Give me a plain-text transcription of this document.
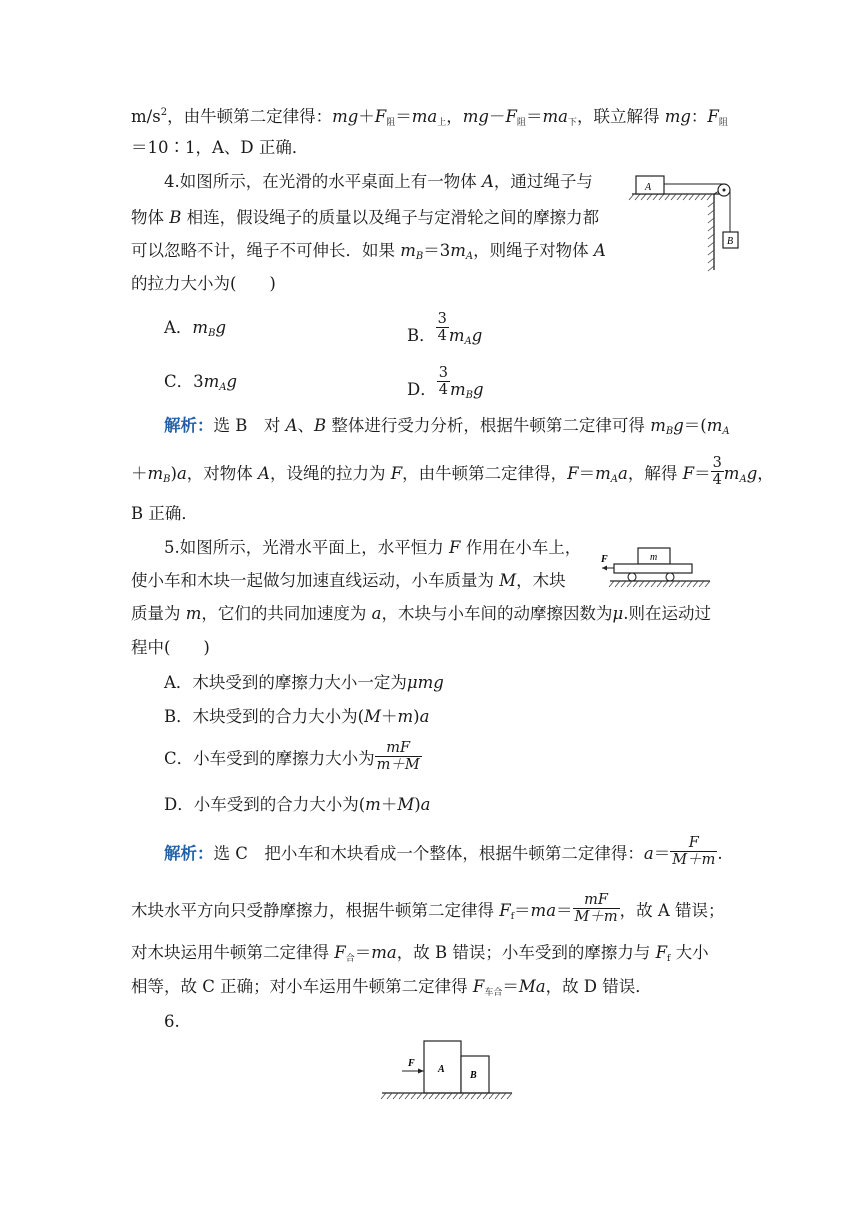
$m/s^2$，由牛顿第二定律得：$mg+F_阻=ma_上$，$mg-F_阻=ma_下$，联立解得 mg：$F_阻$
＝10∶1，A、D 正确．
4.如图所示，在光滑的水平桌面上有一物体 A，通过绳子与
物体 B 相连，假设绳子的质量以及绳子与定滑轮之间的摩擦力都
可以忽略不计，绳子不可伸长．如果 $m_B=3m_A$，则绳子对物体 A
的拉力大小为(　　)
A
B
A．$m_Bg$	B． $\frac{3}{4} m_Ag$
C．$3m_Ag$	D． $\frac{3}{4} m_Bg$
解析：选 B　对 A、B 整体进行受力分析，根据牛顿第二定律可得 $m_Bg=(m_A$
$+m_B)a$，对物体 A，设绳的拉力为 F，由牛顿第二定律得，$F=m_Aa$，解得 $F= \frac{3}{4} m_Ag$，
B 正确．
5.如图所示，光滑水平面上，水平恒力 F 作用在小车上，
使小车和木块一起做匀加速直线运动，小车质量为 M，木块
质量为 m，它们的共同加速度为 a，木块与小车间的动摩擦因数为μ.则在运动过
程中(　　)
m
F
A．木块受到的摩擦力大小一定为μmg
B．木块受到的合力大小为(M＋m)a
C．小车受到的摩擦力大小为 $\frac{mF}{m+M}$
D．小车受到的合力大小为(m＋M)a
解析：选 C　把小车和木块看成一个整体，根据牛顿第二定律得：$a= \frac{F}{M+m}$ .
木块水平方向只受静摩擦力，根据牛顿第二定律得 $F_f=ma= \frac{mF}{M+m}$ ，故 A 错误；
对木块运用牛顿第二定律得 $F_合=ma$，故 B 错误；小车受到的摩擦力与 $F_f$ 大小
相等，故 C 正确；对小车运用牛顿第二定律得 $F_{车合}=Ma$，故 D 错误．
6.
A
B
F
